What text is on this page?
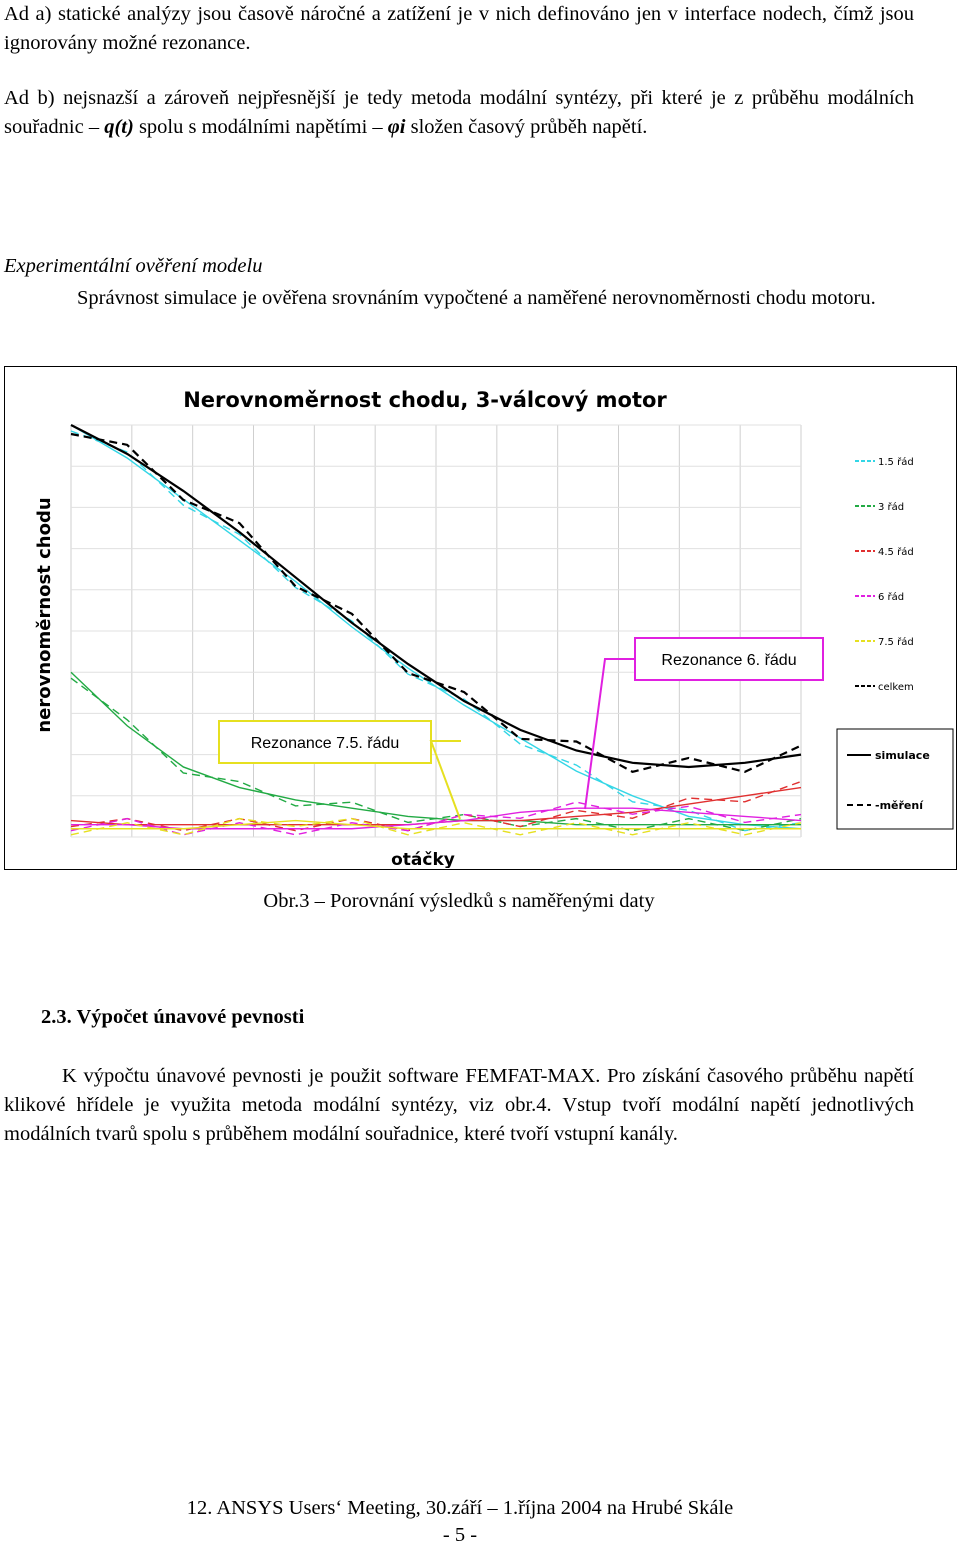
Ad a) statické analýzy jsou časově náročné a zatížení je v nich definováno jen v interface nodech, čímž jsou ignorovány možné rezonance.

Ad b) nejsnazší a zároveň nejpřesnější je tedy metoda modální syntézy, při které je z průběhu modálních souřadnic – q(t) spolu s modálními napětími – φi složen časový průběh napětí.

Experimentální ověření modelu

Správnost simulace je ověřena srovnáním vypočtené a naměřené nerovnoměrnosti chodu motoru.

Nerovnoměrnost chodu, 3-válcový motor
nerovnoměrnost chodu
otáčky
1.5 řád
3 řád
4.5 řád
6 řád
7.5 řád
celkem
simulace
-měření
Rezonance 6. řádu
Rezonance 7.5. řádu
Obr.3 – Porovnání výsledků s naměřenými daty
2.3. Výpočet únavové pevnosti

K výpočtu únavové pevnosti je použit software FEMFAT-MAX. Pro získání časového průběhu napětí klikové hřídele je využita metoda modální syntézy, viz obr.4. Vstup tvoří modální napětí jednotlivých modálních tvarů spolu s průběhem modální souřadnice, které tvoří vstupní kanály.

12. ANSYS Users‘ Meeting, 30.září – 1.října 2004 na Hrubé Skále
- 5 -
